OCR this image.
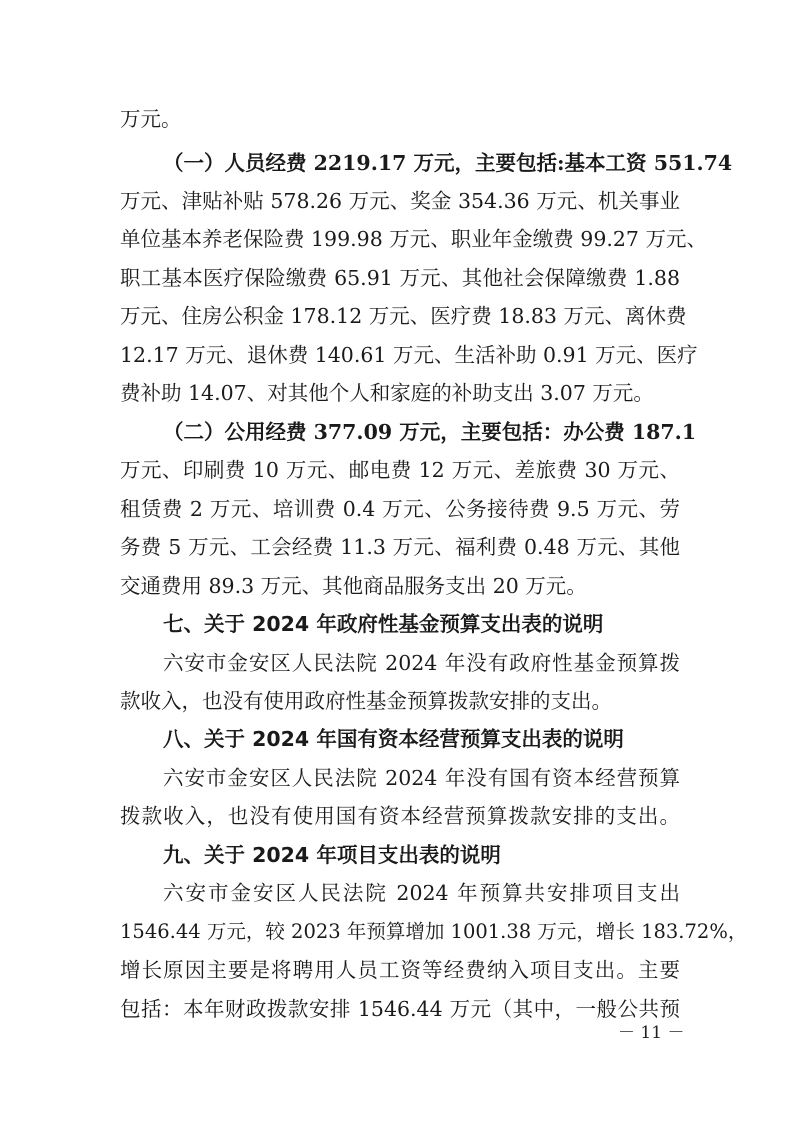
万元。
（一）人员经费 2219.17 万元，主要包括:基本工资 551.74
万元、津贴补贴 578.26 万元、奖金 354.36 万元、机关事业
单位基本养老保险费 199.98 万元、职业年金缴费 99.27 万元、
职工基本医疗保险缴费 65.91 万元、其他社会保障缴费 1.88
万元、住房公积金 178.12 万元、医疗费 18.83 万元、离休费
12.17 万元、退休费 140.61 万元、生活补助 0.91 万元、医疗
费补助 14.07、对其他个人和家庭的补助支出 3.07 万元。
（二）公用经费 377.09 万元，主要包括：办公费 187.1
万元、印刷费 10 万元、邮电费 12 万元、差旅费 30 万元、
租赁费 2 万元、培训费 0.4 万元、公务接待费 9.5 万元、劳
务费 5 万元、工会经费 11.3 万元、福利费 0.48 万元、其他
交通费用 89.3 万元、其他商品服务支出 20 万元。
七、关于 2024 年政府性基金预算支出表的说明
六安市金安区人民法院 2024 年没有政府性基金预算拨
款收入，也没有使用政府性基金预算拨款安排的支出。
八、关于 2024 年国有资本经营预算支出表的说明
六安市金安区人民法院 2024 年没有国有资本经营预算
拨款收入，也没有使用国有资本经营预算拨款安排的支出。
九、关于 2024 年项目支出表的说明
六安市金安区人民法院 2024 年预算共安排项目支出
1546.44 万元，较 2023 年预算增加 1001.38 万元，增长 183.72%，
增长原因主要是将聘用人员工资等经费纳入项目支出。主要
包括：本年财政拨款安排 1546.44 万元（其中，一般公共预
－ 11 －
